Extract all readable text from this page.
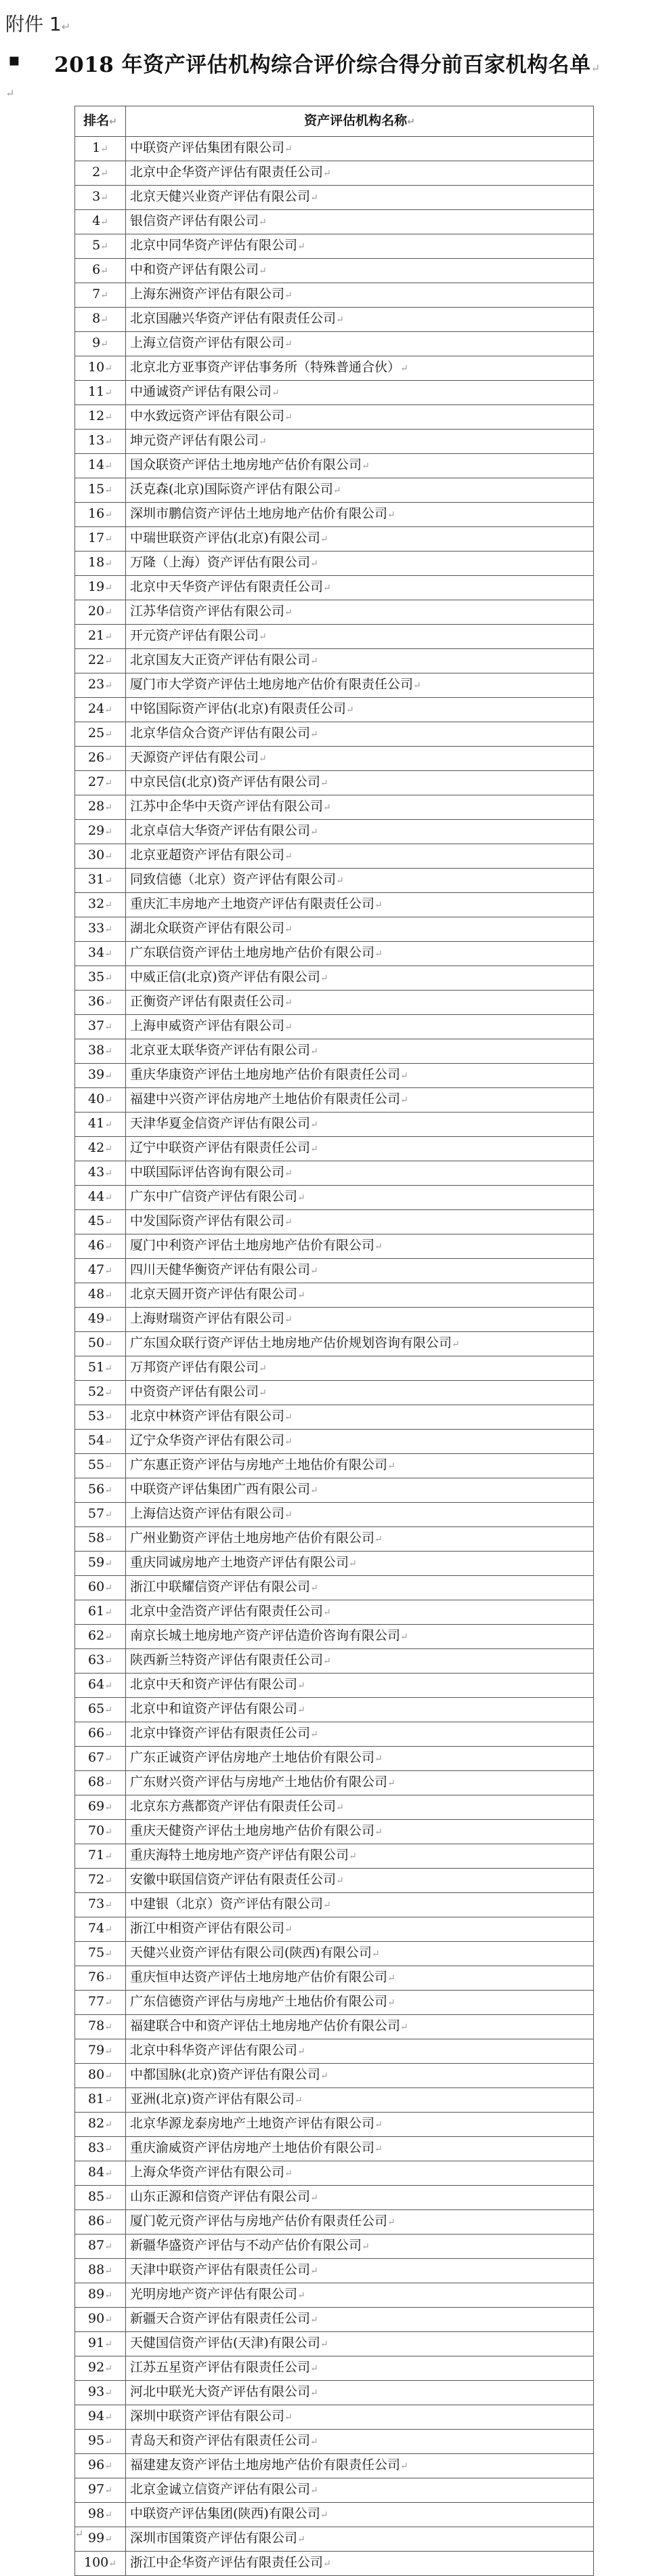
附件 1↵
▪ 2018 年资产评估机构综合评价综合得分前百家机构名单↵
↵
排名↵	资产评估机构名称↵
1↵	中联资产评估集团有限公司↵
2↵	北京中企华资产评估有限责任公司↵
3↵	北京天健兴业资产评估有限公司↵
4↵	银信资产评估有限公司↵
5↵	北京中同华资产评估有限公司↵
6↵	中和资产评估有限公司↵
7↵	上海东洲资产评估有限公司↵
8↵	北京国融兴华资产评估有限责任公司↵
9↵	上海立信资产评估有限公司↵
10↵	北京北方亚事资产评估事务所（特殊普通合伙）↵
11↵	中通诚资产评估有限公司↵
12↵	中水致远资产评估有限公司↵
13↵	坤元资产评估有限公司↵
14↵	国众联资产评估土地房地产估价有限公司↵
15↵	沃克森(北京)国际资产评估有限公司↵
16↵	深圳市鹏信资产评估土地房地产估价有限公司↵
17↵	中瑞世联资产评估(北京)有限公司↵
18↵	万隆（上海）资产评估有限公司↵
19↵	北京中天华资产评估有限责任公司↵
20↵	江苏华信资产评估有限公司↵
21↵	开元资产评估有限公司↵
22↵	北京国友大正资产评估有限公司↵
23↵	厦门市大学资产评估土地房地产估价有限责任公司↵
24↵	中铭国际资产评估(北京)有限责任公司↵
25↵	北京华信众合资产评估有限公司↵
26↵	天源资产评估有限公司↵
27↵	中京民信(北京)资产评估有限公司↵
28↵	江苏中企华中天资产评估有限公司↵
29↵	北京卓信大华资产评估有限公司↵
30↵	北京亚超资产评估有限公司↵
31↵	同致信德（北京）资产评估有限公司↵
32↵	重庆汇丰房地产土地资产评估有限责任公司↵
33↵	湖北众联资产评估有限公司↵
34↵	广东联信资产评估土地房地产估价有限公司↵
35↵	中威正信(北京)资产评估有限公司↵
36↵	正衡资产评估有限责任公司↵
37↵	上海申威资产评估有限公司↵
38↵	北京亚太联华资产评估有限公司↵
39↵	重庆华康资产评估土地房地产估价有限责任公司↵
40↵	福建中兴资产评估房地产土地估价有限责任公司↵
41↵	天津华夏金信资产评估有限公司↵
42↵	辽宁中联资产评估有限责任公司↵
43↵	中联国际评估咨询有限公司↵
44↵	广东中广信资产评估有限公司↵
45↵	中发国际资产评估有限公司↵
46↵	厦门中利资产评估土地房地产估价有限公司↵
47↵	四川天健华衡资产评估有限公司↵
48↵	北京天圆开资产评估有限公司↵
49↵	上海财瑞资产评估有限公司↵
50↵	广东国众联行资产评估土地房地产估价规划咨询有限公司↵
51↵	万邦资产评估有限公司↵
52↵	中资资产评估有限公司↵
53↵	北京中林资产评估有限公司↵
54↵	辽宁众华资产评估有限公司↵
55↵	广东惠正资产评估与房地产土地估价有限公司↵
56↵	中联资产评估集团广西有限公司↵
57↵	上海信达资产评估有限公司↵
58↵	广州业勤资产评估土地房地产估价有限公司↵
59↵	重庆同诚房地产土地资产评估有限公司↵
60↵	浙江中联耀信资产评估有限公司↵
61↵	北京中金浩资产评估有限责任公司↵
62↵	南京长城土地房地产资产评估造价咨询有限公司↵
63↵	陕西新兰特资产评估有限责任公司↵
64↵	北京中天和资产评估有限公司↵
65↵	北京中和谊资产评估有限公司↵
66↵	北京中锋资产评估有限责任公司↵
67↵	广东正诚资产评估房地产土地估价有限公司↵
68↵	广东财兴资产评估与房地产土地估价有限公司↵
69↵	北京东方燕都资产评估有限责任公司↵
70↵	重庆天健资产评估土地房地产估价有限公司↵
71↵	重庆海特土地房地产资产评估有限公司↵
72↵	安徽中联国信资产评估有限责任公司↵
73↵	中建银（北京）资产评估有限公司↵
74↵	浙江中相资产评估有限公司↵
75↵	天健兴业资产评估有限公司(陕西)有限公司↵
76↵	重庆恒申达资产评估土地房地产估价有限公司↵
77↵	广东信德资产评估与房地产土地估价有限公司↵
78↵	福建联合中和资产评估土地房地产估价有限公司↵
79↵	北京中科华资产评估有限公司↵
80↵	中都国脉(北京)资产评估有限公司↵
81↵	亚洲(北京)资产评估有限公司↵
82↵	北京华源龙泰房地产土地资产评估有限公司↵
83↵	重庆渝威资产评估房地产土地估价有限公司↵
84↵	上海众华资产评估有限公司↵
85↵	山东正源和信资产评估有限公司↵
86↵	厦门乾元资产评估与房地产估价有限责任公司↵
87↵	新疆华盛资产评估与不动产估价有限公司↵
88↵	天津中联资产评估有限责任公司↵
89↵	光明房地产资产评估有限公司↵
90↵	新疆天合资产评估有限责任公司↵
91↵	天健国信资产评估(天津)有限公司↵
92↵	江苏五星资产评估有限责任公司↵
93↵	河北中联光大资产评估有限公司↵
94↵	深圳中联资产评估有限公司↵
95↵	青岛天和资产评估有限责任公司↵
96↵	福建建友资产评估土地房地产估价有限责任公司↵
97↵	北京金诚立信资产评估有限公司↵
98↵	中联资产评估集团(陕西)有限公司↵
99↵	深圳市国策资产评估有限公司↵
100↵	浙江中企华资产评估有限责任公司↵
↵
